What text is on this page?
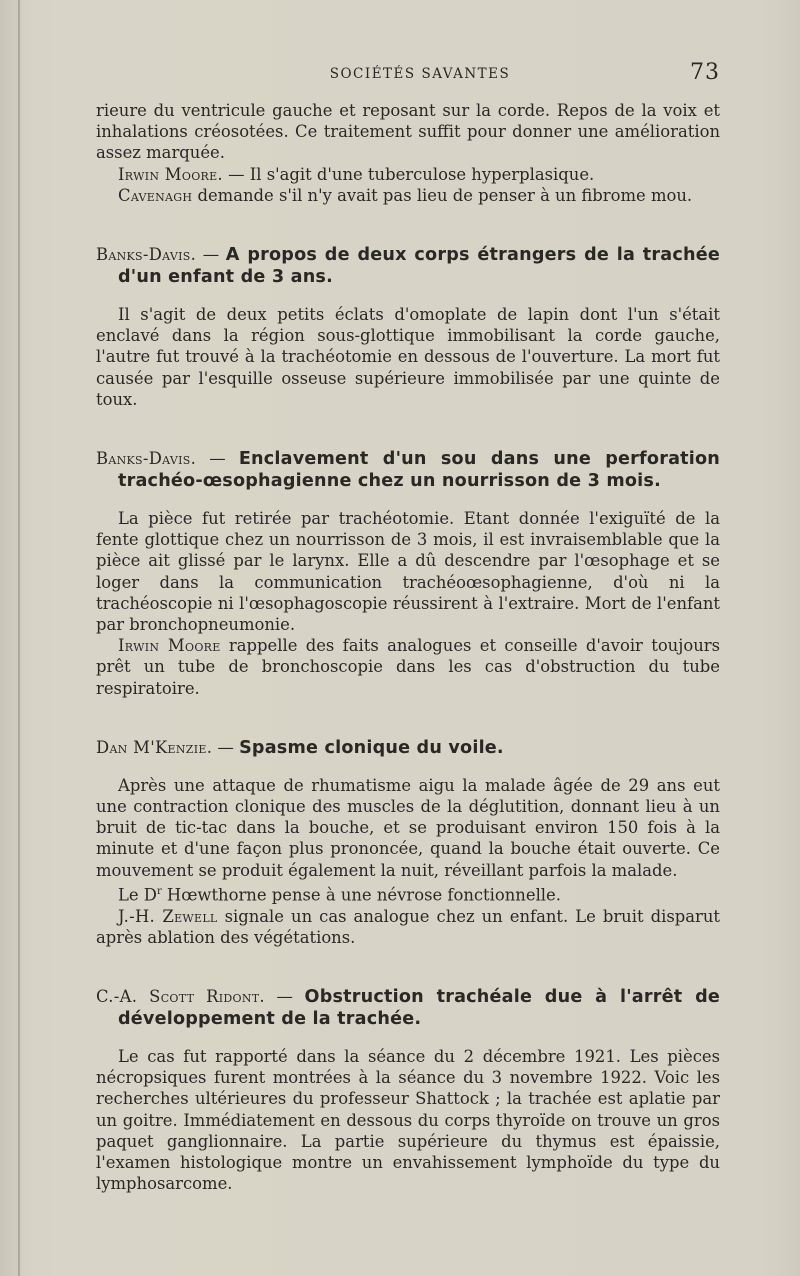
SOCIÉTÉS SAVANTES	73

rieure du ventricule gauche et reposant sur la corde. Repos de la voix et inhalations créosotées. Ce traitement suffit pour donner une amélioration assez marquée.

Irwin Moore. — Il s'agit d'une tuberculose hyperplasique.

Cavenagh demande s'il n'y avait pas lieu de penser à un fibrome mou.

Banks-Davis. — A propos de deux corps étrangers de la trachée d'un enfant de 3 ans.

Il s'agit de deux petits éclats d'omoplate de lapin dont l'un s'était enclavé dans la région sous-glottique immobilisant la corde gauche, l'autre fut trouvé à la trachéotomie en dessous de l'ouverture. La mort fut causée par l'esquille osseuse supérieure immobilisée par une quinte de toux.

Banks-Davis. — Enclavement d'un sou dans une perforation trachéo-œsophagienne chez un nourrisson de 3 mois.

La pièce fut retirée par trachéotomie. Etant donnée l'exiguïté de la fente glottique chez un nourrisson de 3 mois, il est invraisemblable que la pièce ait glissé par le larynx. Elle a dû descendre par l'œsophage et se loger dans la communication trachéoœsophagienne, d'où ni la trachéoscopie ni l'œsophagoscopie réussirent à l'extraire. Mort de l'enfant par bronchopneumonie.

Irwin Moore rappelle des faits analogues et conseille d'avoir toujours prêt un tube de bronchoscopie dans les cas d'obstruction du tube respiratoire.

Dan M'Kenzie. — Spasme clonique du voile.

Après une attaque de rhumatisme aigu la malade âgée de 29 ans eut une contraction clonique des muscles de la déglutition, donnant lieu à un bruit de tic-tac dans la bouche, et se produisant environ 150 fois à la minute et d'une façon plus prononcée, quand la bouche était ouverte. Ce mouvement se produit également la nuit, réveillant parfois la malade.

Le $D^r$ Hœwthorne pense à une névrose fonctionnelle.

J.-H. Zewell signale un cas analogue chez un enfant. Le bruit disparut après ablation des végétations.

C.-A. Scott Ridont. — Obstruction trachéale due à l'arrêt de développement de la trachée.

Le cas fut rapporté dans la séance du 2 décembre 1921. Les pièces nécropsiques furent montrées à la séance du 3 novembre 1922. Voic les recherches ultérieures du professeur Shattock ; la trachée est aplatie par un goitre. Immédiatement en dessous du corps thyroïde on trouve un gros paquet ganglionnaire. La partie supérieure du thymus est épaissie, l'examen histologique montre un envahissement lymphoïde du type du lymphosarcome.
